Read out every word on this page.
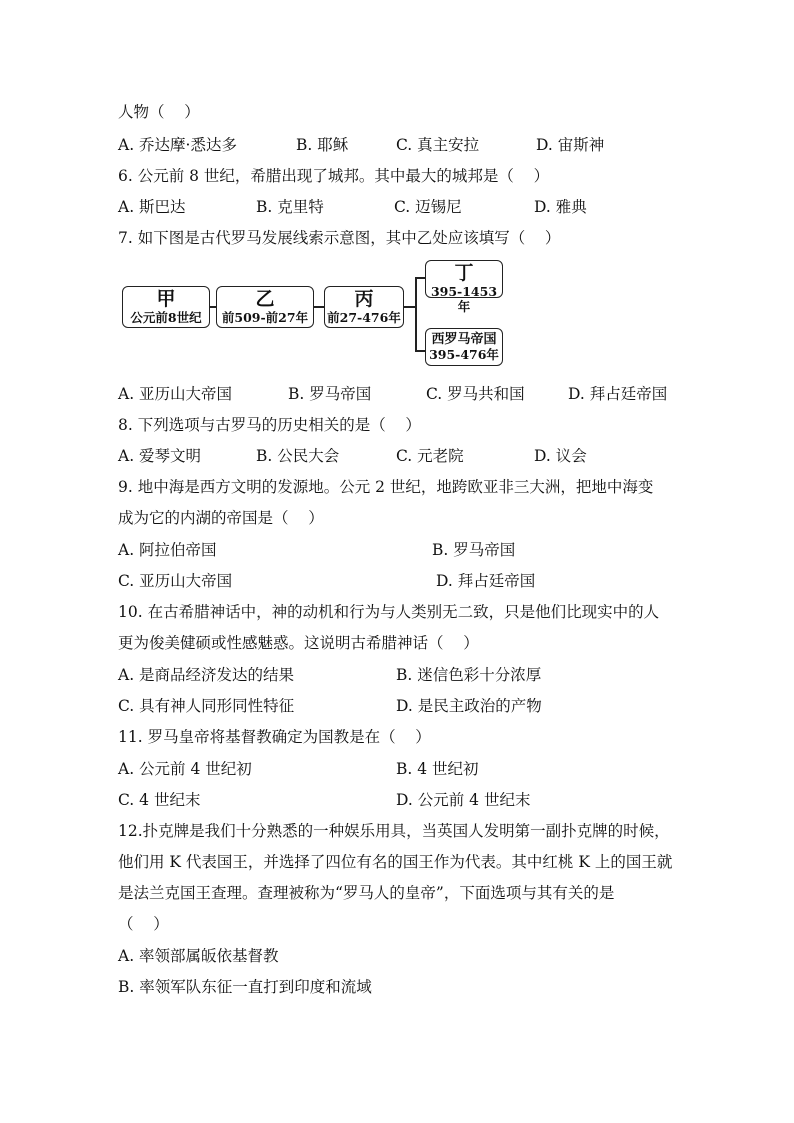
人物（    ）
A. 乔达摩·悉达多	B. 耶稣	C. 真主安拉	D. 宙斯神
6. 公元前 8 世纪，希腊出现了城邦。其中最大的城邦是（    ）
A. 斯巴达	B. 克里特	C. 迈锡尼	D. 雅典
7. 如下图是古代罗马发展线索示意图，其中乙处应该填写（    ）
甲
公元前8世纪
乙
前509-前27年
丙
前27-476年
丁
395-1453年
西罗马帝国
395-476年
A. 亚历山大帝国	B. 罗马帝国	C. 罗马共和国	D. 拜占廷帝国
8. 下列选项与古罗马的历史相关的是（    ）
A. 爱琴文明	B. 公民大会	C. 元老院	D. 议会
9. 地中海是西方文明的发源地。公元 2 世纪，地跨欧亚非三大洲，把地中海变
成为它的内湖的帝国是（    ）
A. 阿拉伯帝国	B. 罗马帝国
C. 亚历山大帝国	D. 拜占廷帝国
10. 在古希腊神话中，神的动机和行为与人类别无二致，只是他们比现实中的人
更为俊美健硕或性感魅惑。这说明古希腊神话（    ）
A. 是商品经济发达的结果	B. 迷信色彩十分浓厚
C. 具有神人同形同性特征	D. 是民主政治的产物
11. 罗马皇帝将基督教确定为国教是在（    ）
A. 公元前 4 世纪初	B. 4 世纪初
C. 4 世纪末	D. 公元前 4 世纪末
12.扑克牌是我们十分熟悉的一种娱乐用具，当英国人发明第一副扑克牌的时候，
他们用 K 代表国王，并选择了四位有名的国王作为代表。其中红桃 K 上的国王就
是法兰克国王查理。查理被称为“罗马人的皇帝”，下面选项与其有关的是
（    ）
A. 率领部属皈依基督教
B. 率领军队东征一直打到印度和流域
